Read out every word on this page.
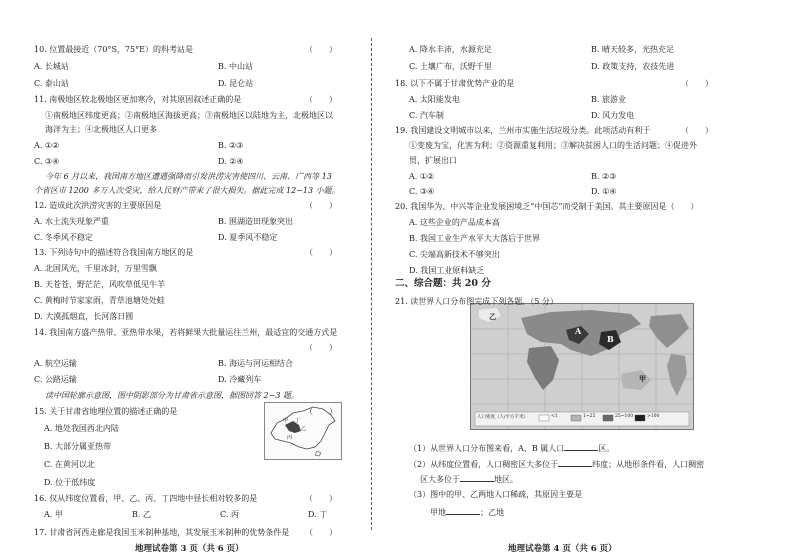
甲
乙
丙
丁
人口密度（人/平方千米）	<1	1~25	25~100	>100
A
B
甲
乙
二、综合题：共 20 分
地理试卷第 3 页（共 6 页）	地理试卷第 4 页（共 6 页）
10. 位置最接近（70°S，75°E）的科考站是	（　　）
A. 长城站	B. 中山站
C. 泰山站	D. 昆仑站
11. 南极地区较北极地区更加寒冷，对其原因叙述正确的是	（　　）
①南极地区纬度更高；②南极地区海拔更高；③南极地区以陆地为主，北极地区以
海洋为主；④北极地区人口更多
A. ①②	B. ②③
C. ③④	D. ②④
今年 6 月以来，我国南方地区遭遇强降雨引发洪涝灾害使四川、云南、广西等 13
个省区市 1200 多万人次受灾，给人民财产带来了很大损失。据此完成 12~13 小题。
12. 造成此次洪涝灾害的主要原因是	（　　）
A. 水土流失现象严重	B. 围湖造田现象突出
C. 冬季风不稳定	D. 夏季风不稳定
13. 下列诗句中的描述符合我国南方地区的是	（　　）
A. 北国风光，千里冰封，万里雪飘
B. 天苍苍，野茫茫，风吹草低见牛羊
C. 黄梅时节家家雨，青草池塘处处蛙
D. 大漠孤烟直，长河落日圆
14. 我国南方盛产热带、亚热带水果，若将鲜果大批量运往兰州，最适宜的交通方式是
（　　）
A. 航空运输	B. 海运与河运相结合
C. 公路运输	D. 冷藏列车
读中国轮廓示意图，图中阴影部分为甘肃省示意图，据图回答 2~3 题。
15. 关于甘肃省地理位置的描述正确的是	（　　）
A. 地处我国西北内陆
B. 大部分属亚热带
C. 在黄河以北
D. 位于低纬度
16. 仅从纬度位置看，甲、乙、丙、丁四地中昼长相对较多的是	（　　）
A. 甲	B. 乙	C. 丙	D. 丁
17. 甘肃省河西走廊是我国玉米制种基地，其发展玉米制种的优势条件是 （　　）
A. 降水丰沛，水源充足	B. 晴天较多，光热充足
C. 土壤广布，沃野千里	D. 政策支持，农技先进
18. 以下不属于甘肃优势产业的是	（　　）
A. 太阳能发电	B. 旅游业
C. 汽车制	D. 风力发电
19. 我国建设文明城市以来，兰州市实施生活垃圾分类。此项活动有利于	（　　）
①变废为宝，化害为利；②资源重复利用；③解决贫困人口的生活问题；④促进外
贸，扩展出口
A. ①②	B. ②③
C. ③④	D. ①④
20. 我国华为、中兴等企业发展困境乏“中国芯”而受制于美国。其主要原因是（　　）
A. 这些企业的产品成本高
B. 我国工业生产水平大大落后于世界
C. 尖端高新技术不够突出
D. 我国工业原料缺乏
21. 读世界人口分布图完成下列各题。（5 分）
（1）从世界人口分布图来看，A、B 属人口	区。
（2）从纬度位置看，人口稠密区大多位于	纬度；从地形条件看，人口稠密
区大多位于	地区。
（3）图中的甲、乙两地人口稀疏，其原因主要是
甲地	；乙地
